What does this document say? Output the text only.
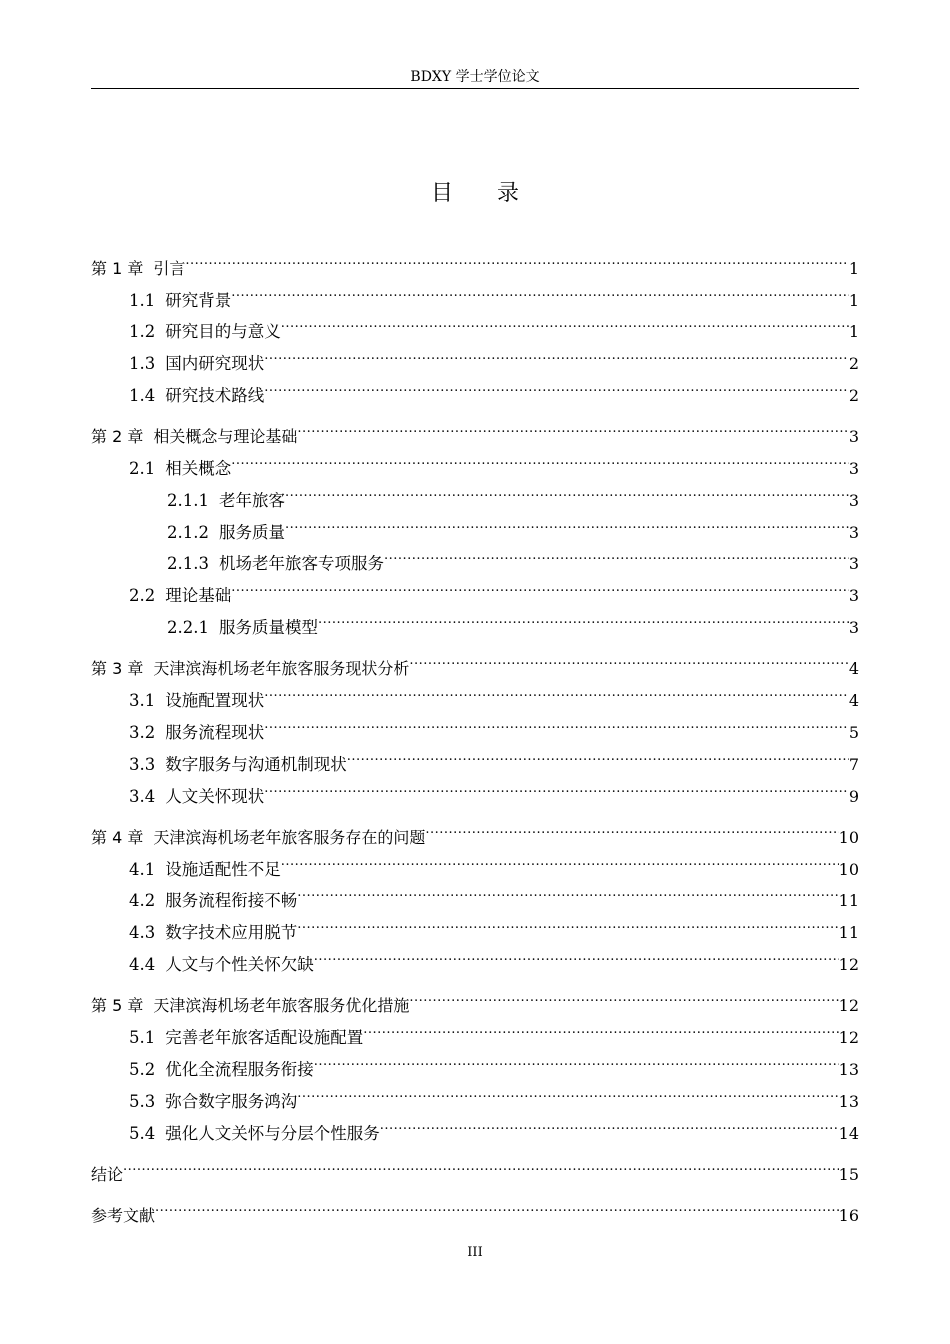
BDXY 学士学位论文
目录
第 1 章 引言 .....	1
1.1 研究背景 .....	1
1.2 研究目的与意义 .....	1
1.3 国内研究现状 .....	2
1.4 研究技术路线 .....	2
第 2 章 相关概念与理论基础 .....	3
2.1 相关概念 .....	3
2.1.1 老年旅客 .....	3
2.1.2 服务质量 .....	3
2.1.3 机场老年旅客专项服务 .....	3
2.2 理论基础 .....	3
2.2.1 服务质量模型 .....	3
第 3 章 天津滨海机场老年旅客服务现状分析 .....	4
3.1 设施配置现状 .....	4
3.2 服务流程现状 .....	5
3.3 数字服务与沟通机制现状 .....	7
3.4 人文关怀现状 .....	9
第 4 章 天津滨海机场老年旅客服务存在的问题 .....	10
4.1 设施适配性不足 .....	10
4.2 服务流程衔接不畅 .....	11
4.3 数字技术应用脱节 .....	11
4.4 人文与个性关怀欠缺 .....	12
第 5 章 天津滨海机场老年旅客服务优化措施 .....	12
5.1 完善老年旅客适配设施配置 .....	12
5.2 优化全流程服务衔接 .....	13
5.3 弥合数字服务鸿沟 .....	13
5.4 强化人文关怀与分层个性服务 .....	14
结论 .....	15
参考文献 .....	16
III
